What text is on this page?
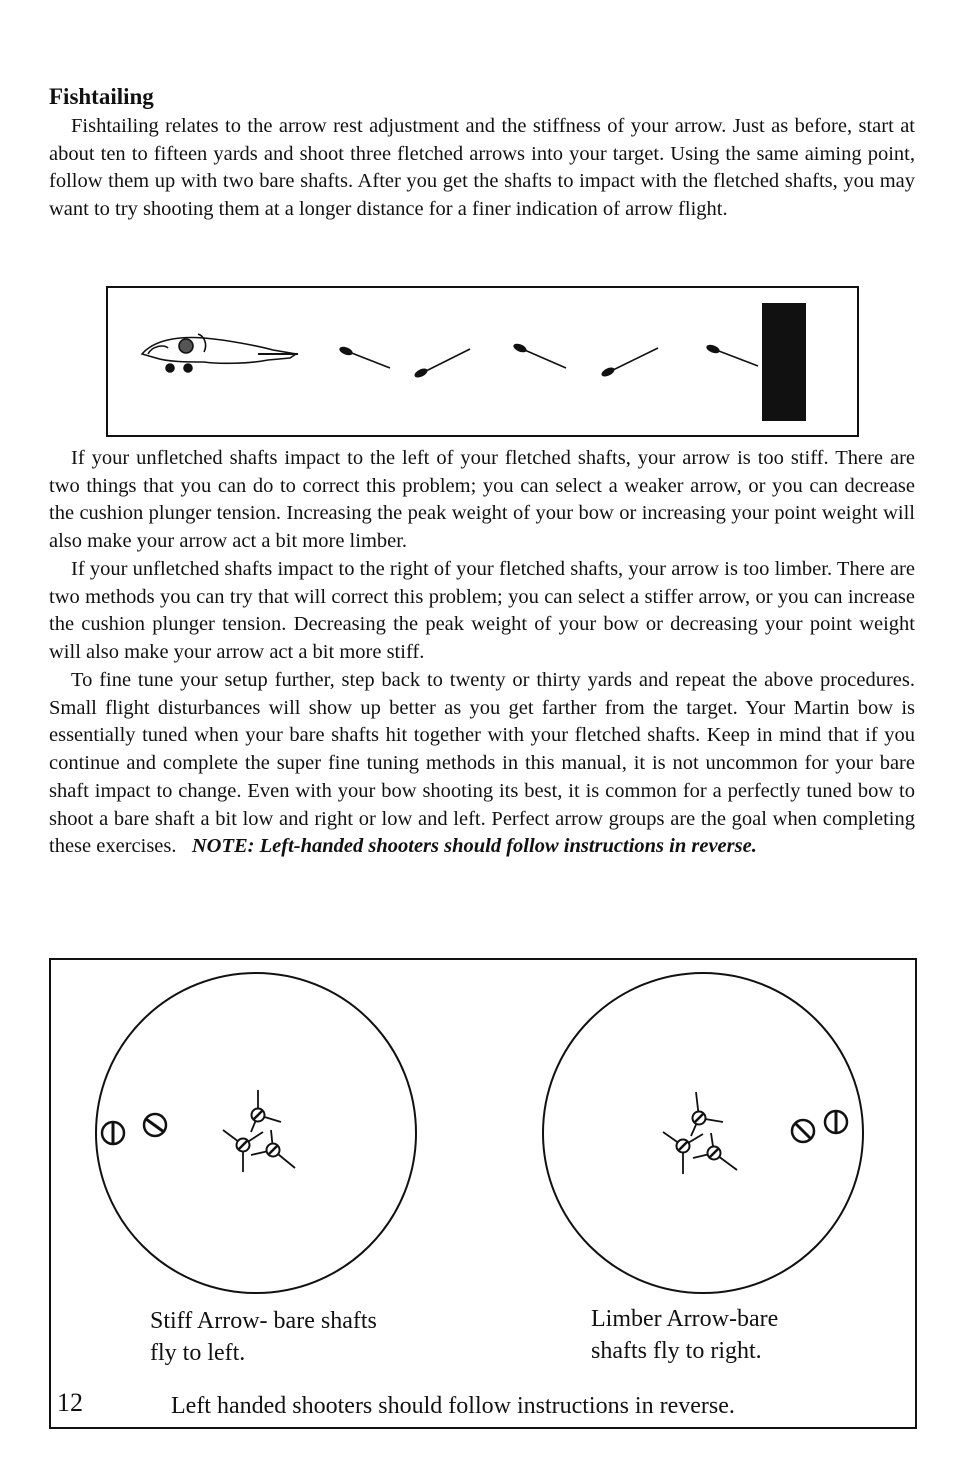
Fishtailing

Fishtailing relates to the arrow rest adjustment and the stiffness of your arrow. Just as before, start at about ten to fifteen yards and shoot three fletched arrows into your target. Using the same aiming point, follow them up with two bare shafts. After you get the shafts to impact with the fletched shafts, you may want to try shooting them at a longer distance for a finer indication of arrow flight.

If your unfletched shafts impact to the left of your fletched shafts, your arrow is too stiff. There are two things that you can do to correct this problem; you can select a weaker arrow, or you can decrease the cushion plunger tension. Increasing the peak weight of your bow or increasing your point weight will also make your arrow act a bit more limber.

If your unfletched shafts impact to the right of your fletched shafts, your arrow is too limber. There are two methods you can try that will correct this problem; you can select a stiffer arrow, or you can increase the cushion plunger tension. Decreasing the peak weight of your bow or decreasing your point weight will also make your arrow act a bit more stiff.

To fine tune your setup further, step back to twenty or thirty yards and repeat the above procedures. Small flight disturbances will show up better as you get farther from the target. Your Martin bow is essentially tuned when your bare shafts hit together with your fletched shafts. Keep in mind that if you continue and complete the super fine tuning methods in this manual, it is not uncommon for your bare shaft impact to change. Even with your bow shooting its best, it is common for a perfectly tuned bow to shoot a bare shaft a bit low and right or low and left. Perfect arrow groups are the goal when completing these exercises. NOTE: Left-handed shooters should follow instructions in reverse.

Stiff Arrow- bare shafts fly to left.
Limber Arrow-bare shafts fly to right.
12	Left handed shooters should follow instructions in reverse.
